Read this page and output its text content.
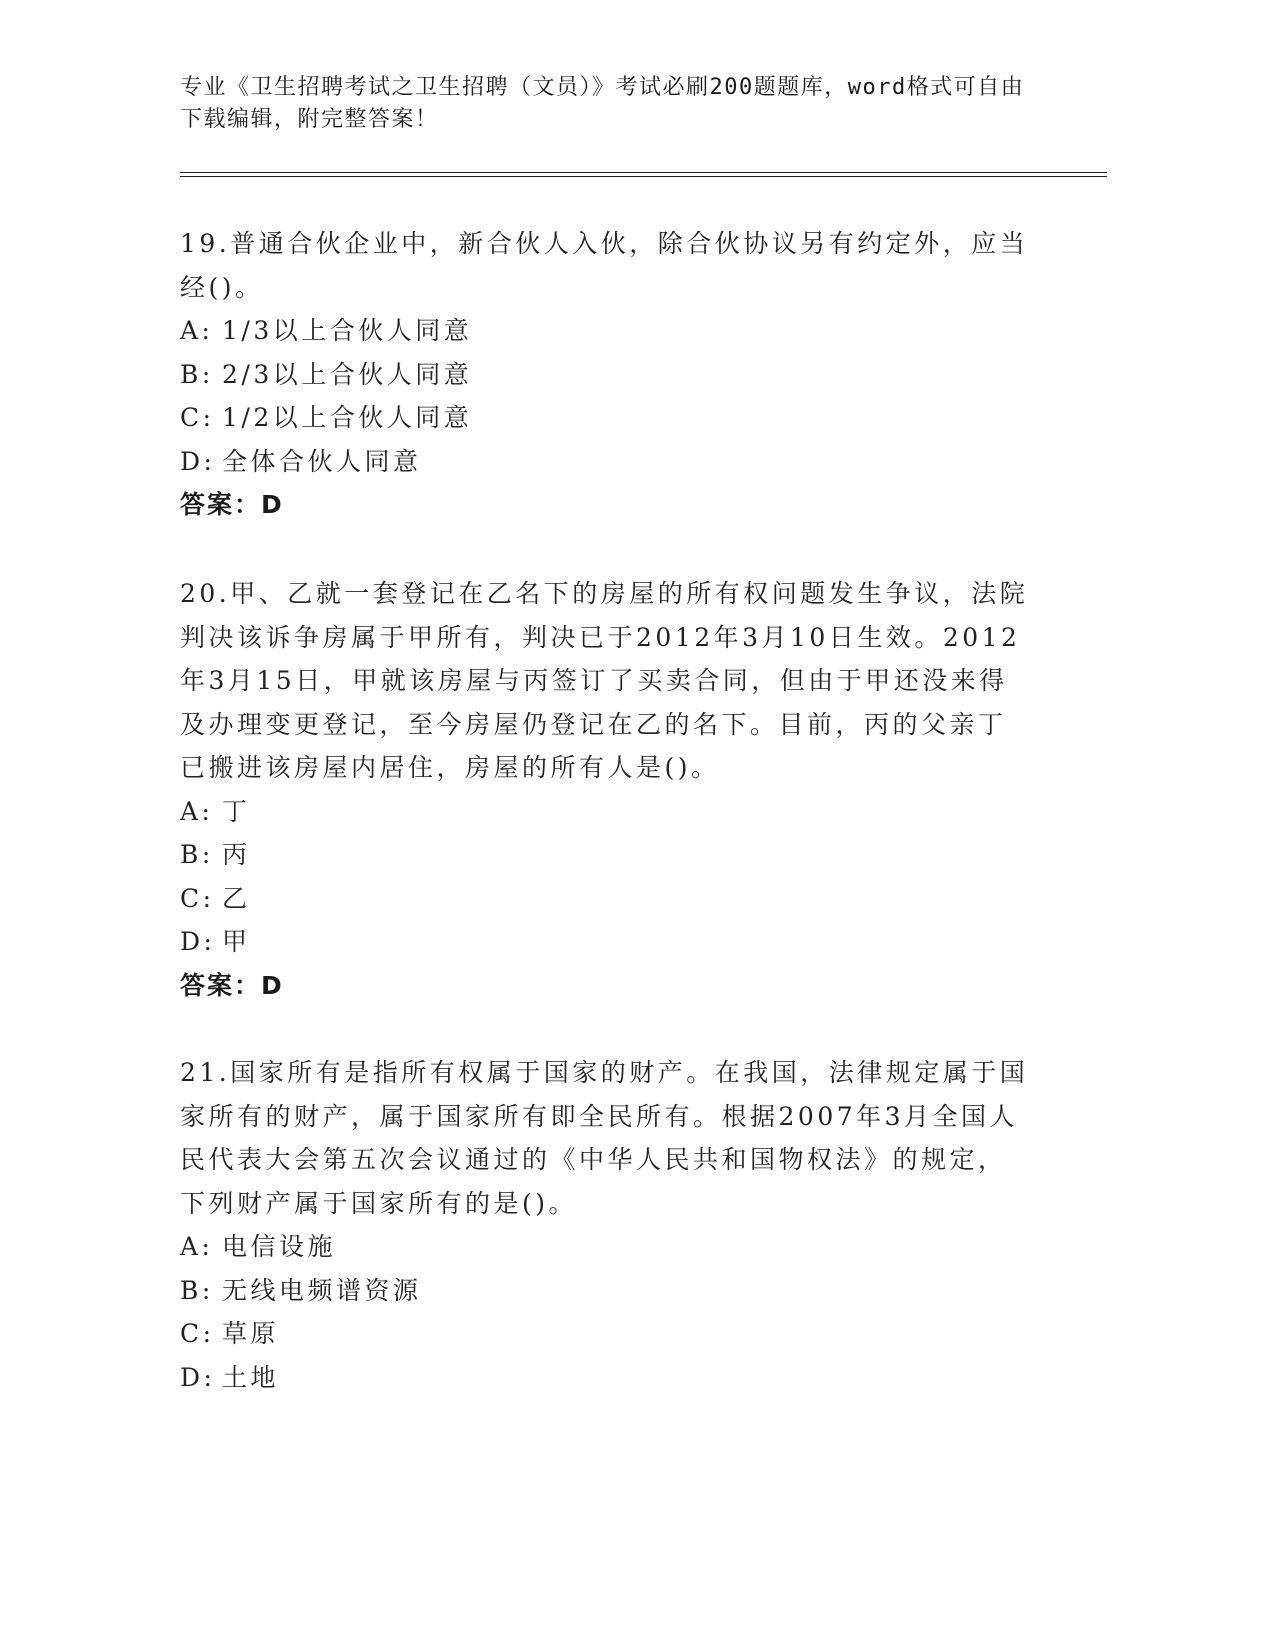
专业《卫生招聘考试之卫生招聘（文员）》考试必刷200题题库，word格式可自由下载编辑，附完整答案！

19.普通合伙企业中，新合伙人入伙，除合伙协议另有约定外，应当经()。

A: 1/3以上合伙人同意
B: 2/3以上合伙人同意
C: 1/2以上合伙人同意
D: 全体合伙人同意

答案：D

20.甲、乙就一套登记在乙名下的房屋的所有权问题发生争议，法院判决该诉争房属于甲所有，判决已于2012年3月10日生效。2012年3月15日，甲就该房屋与丙签订了买卖合同，但由于甲还没来得及办理变更登记，至今房屋仍登记在乙的名下。目前，丙的父亲丁已搬进该房屋内居住，房屋的所有人是()。

A: 丁
B: 丙
C: 乙
D: 甲

答案：D

21.国家所有是指所有权属于国家的财产。在我国，法律规定属于国家所有的财产，属于国家所有即全民所有。根据2007年3月全国人民代表大会第五次会议通过的《中华人民共和国物权法》的规定，下列财产属于国家所有的是()。

A: 电信设施
B: 无线电频谱资源
C: 草原
D: 土地
